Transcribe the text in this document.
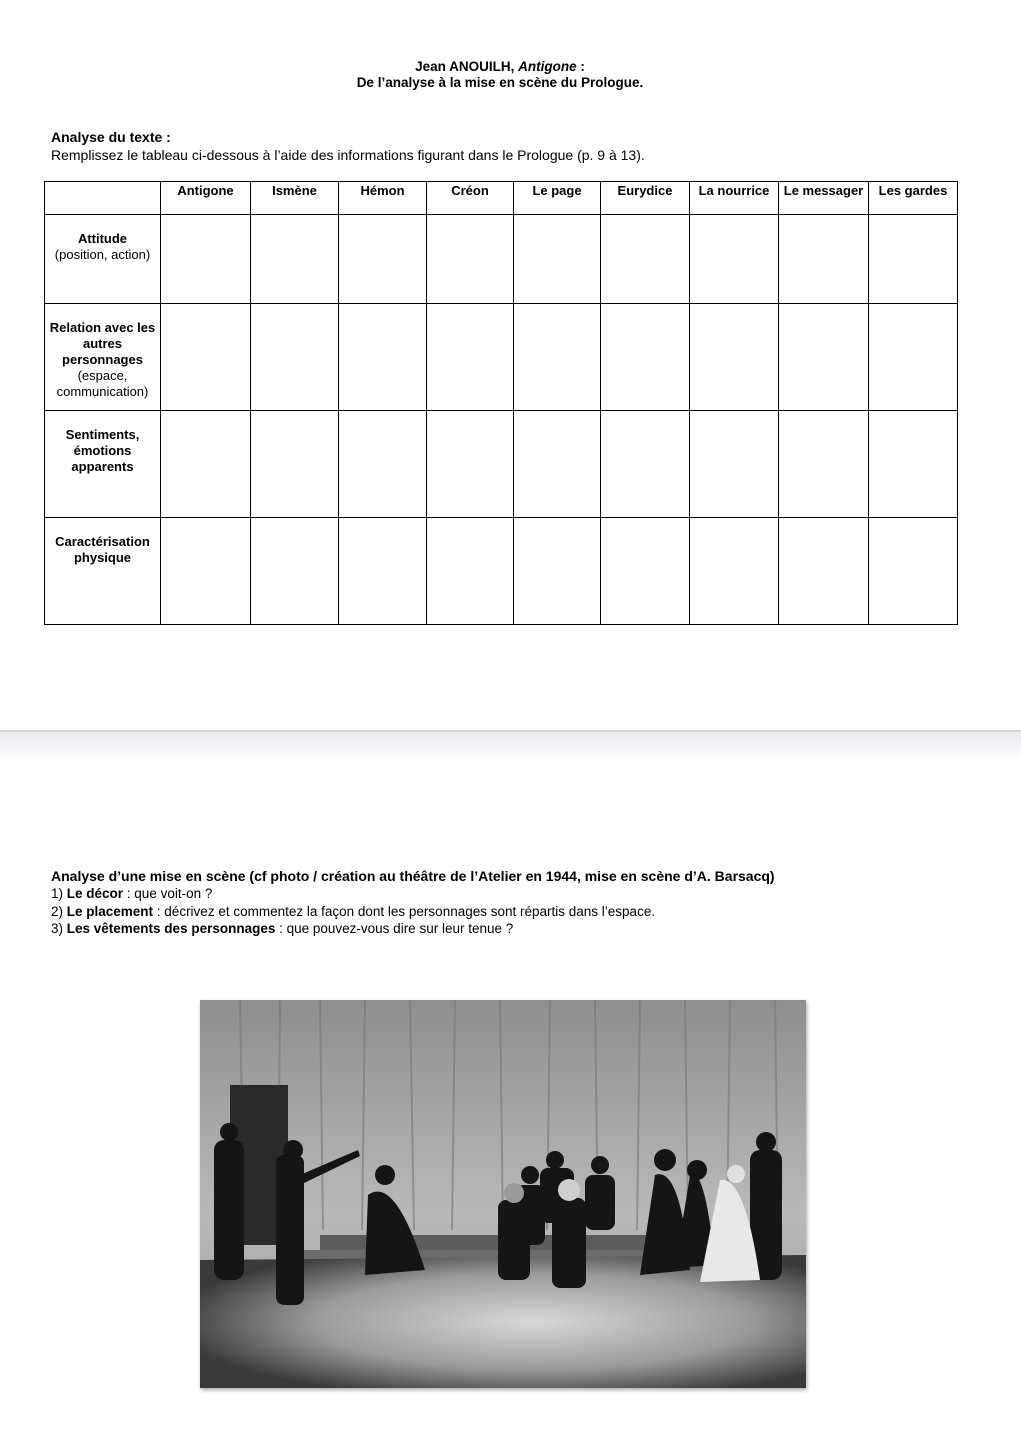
Jean ANOUILH, Antigone :
De l’analyse à la mise en scène du Prologue.
Analyse du texte :
Remplissez le tableau ci-dessous à l’aide des informations figurant dans le Prologue (p. 9 à 13).
	Antigone	Ismène	Hémon	Créon	Le page	Eurydice	La nourrice	Le messager	Les gardes

Attitude
(position, action)									

Relation avec les autres personnages
(espace, communication)									

Sentiments, émotions apparents									

Caractérisation physique									

Analyse d’une mise en scène (cf photo / création au théâtre de l’Atelier en 1944, mise en scène d’A. Barsacq)
1) Le décor : que voit-on ?
2) Le placement : décrivez et commentez la façon dont les personnages sont répartis dans l’espace.
3) Les vêtements des personnages : que pouvez-vous dire sur leur tenue ?
